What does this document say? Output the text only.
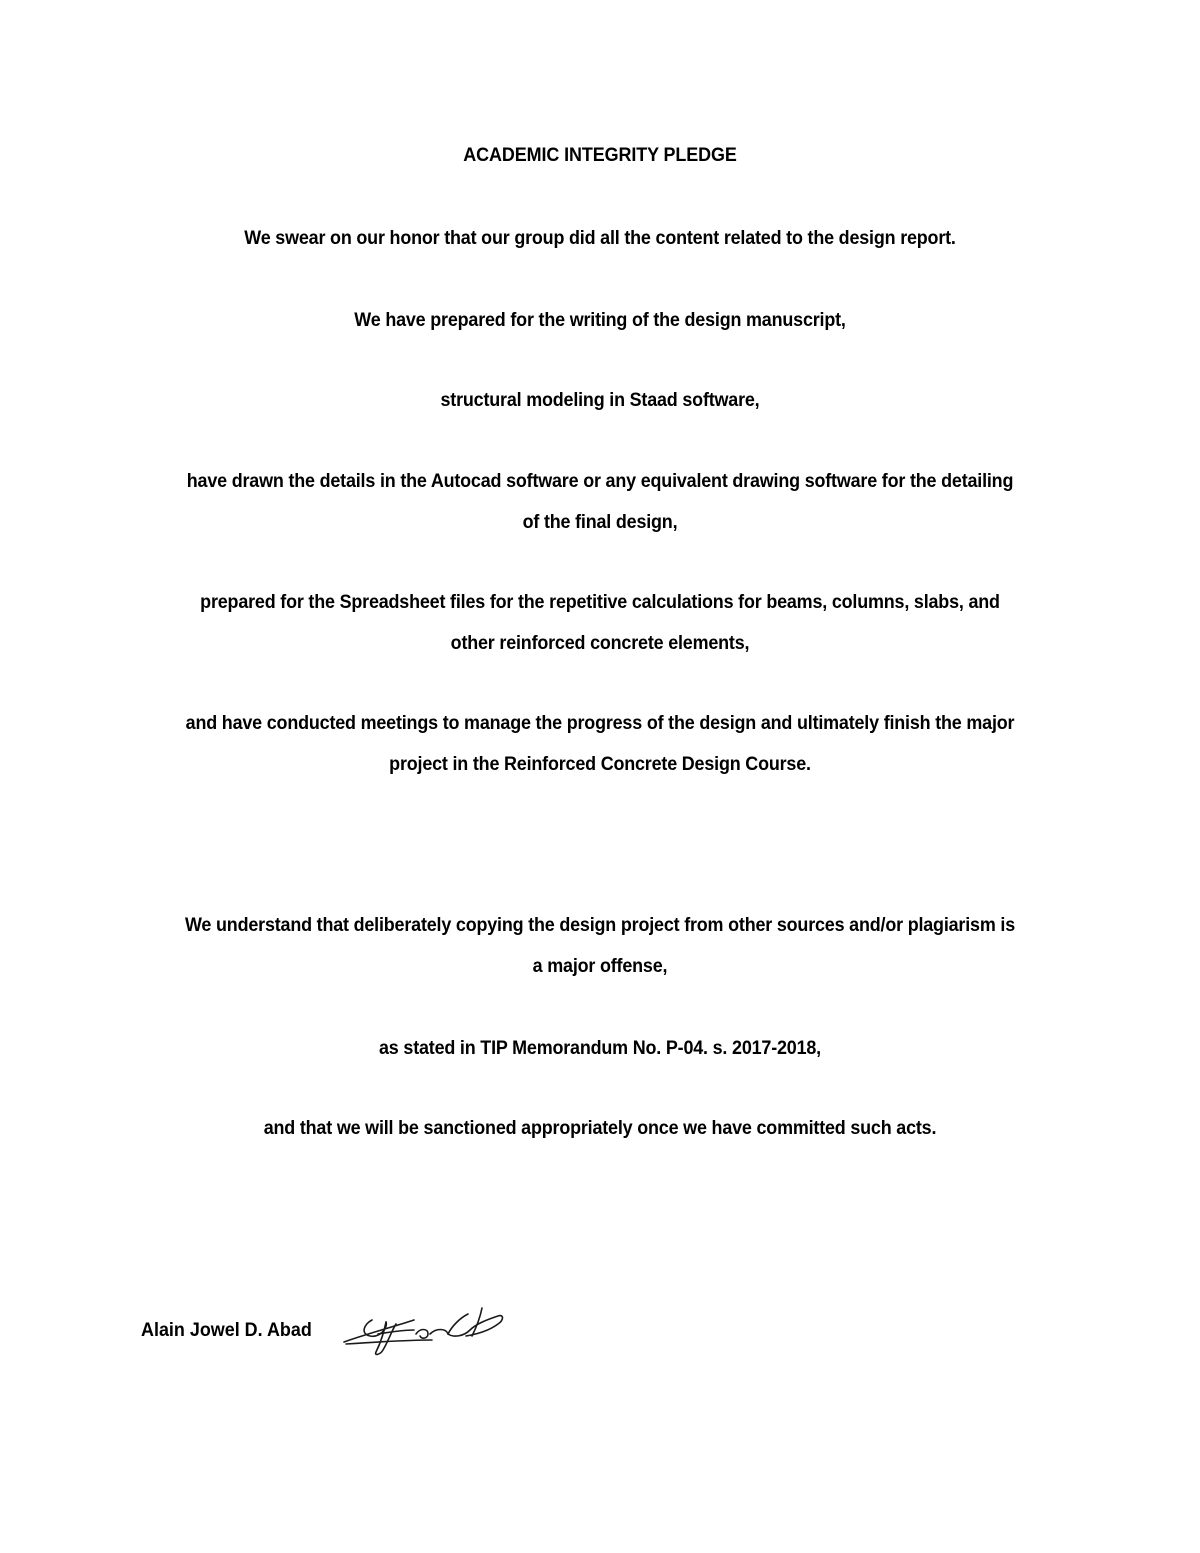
ACADEMIC INTEGRITY PLEDGE
We swear on our honor that our group did all the content related to the design report.
We have prepared for the writing of the design manuscript,
structural modeling in Staad software,
have drawn the details in the Autocad software or any equivalent drawing software for the detailing
of the final design,
prepared for the Spreadsheet files for the repetitive calculations for beams, columns, slabs, and
other reinforced concrete elements,
and have conducted meetings to manage the progress of the design and ultimately finish the major
project in the Reinforced Concrete Design Course.
We understand that deliberately copying the design project from other sources and/or plagiarism is
a major offense,
as stated in TIP Memorandum No. P-04. s. 2017-2018,
and that we will be sanctioned appropriately once we have committed such acts.
Alain Jowel D. Abad
